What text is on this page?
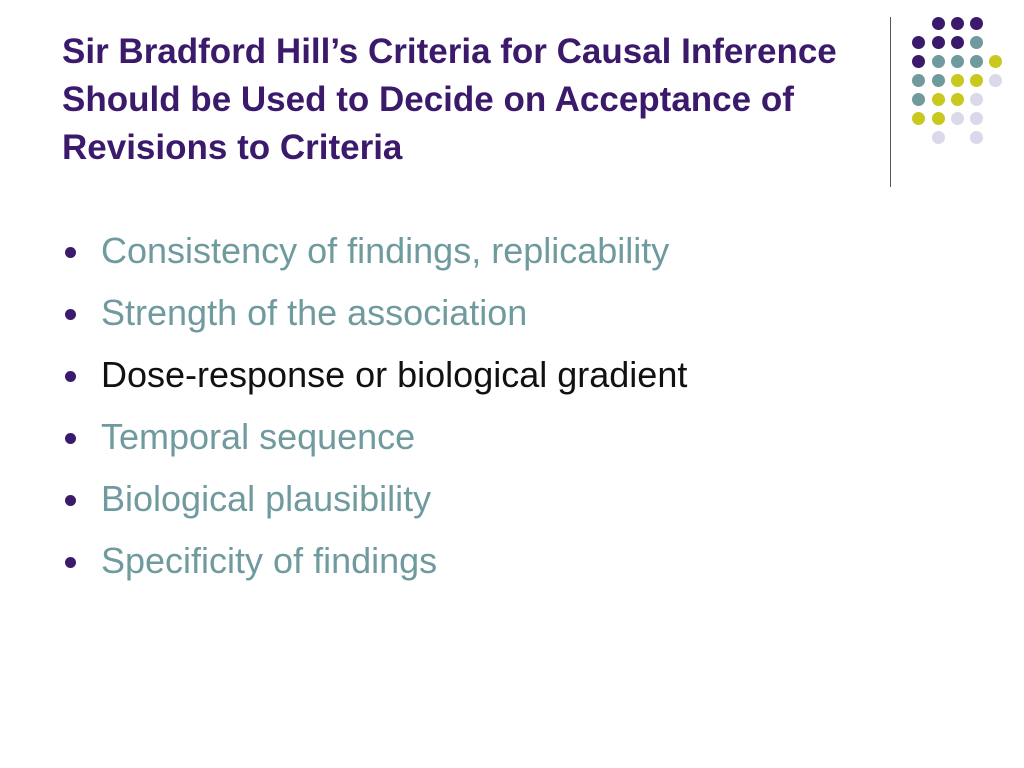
Sir Bradford Hill’s Criteria for Causal Inference Should be Used to Decide on Acceptance of Revisions to Criteria
Consistency of findings, replicability
Strength of the association
Dose-response or biological gradient
Temporal sequence
Biological plausibility
Specificity of findings
